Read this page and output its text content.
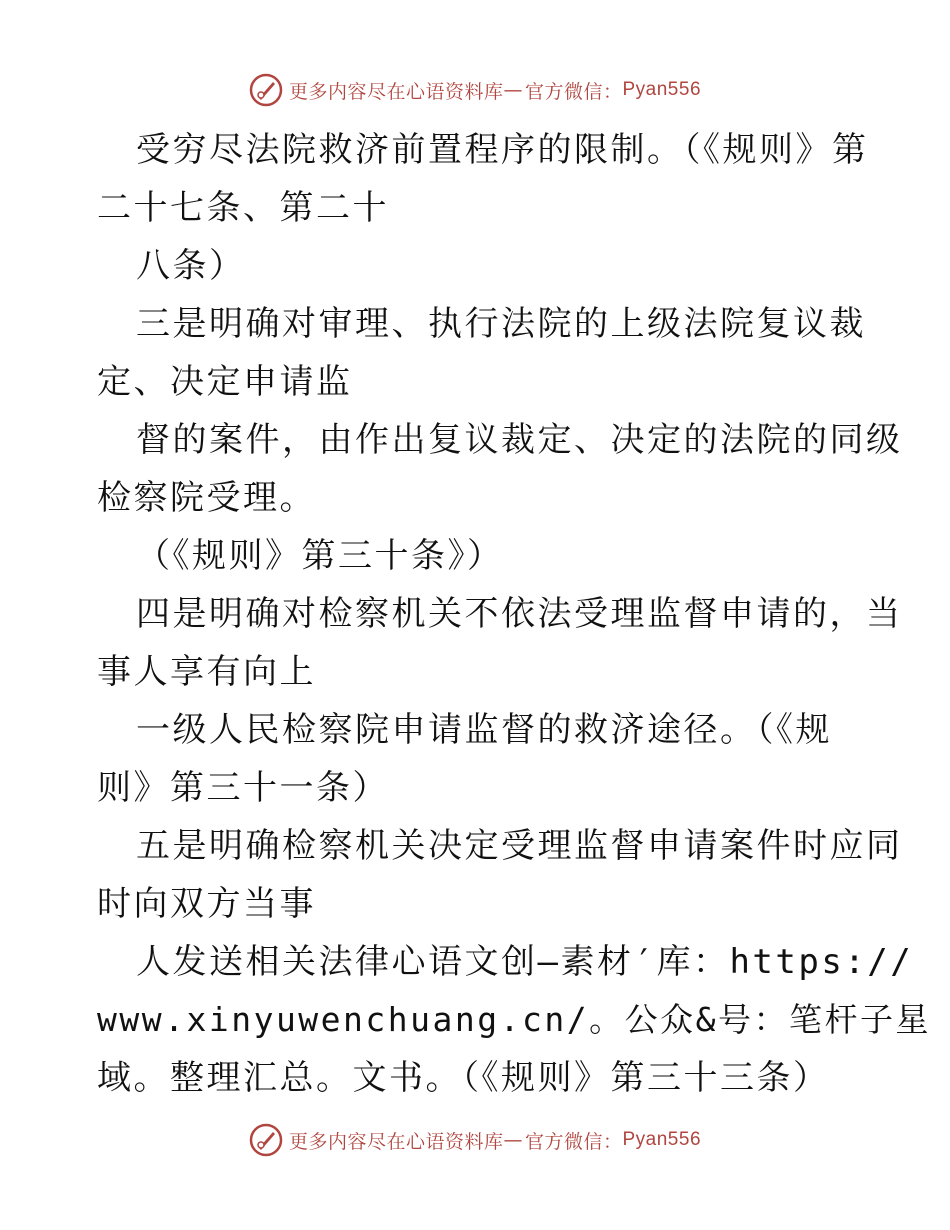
更多内容尽在心语资料库 — 官方微信： Pyan556
受穷尽法院救济前置程序的限制。（《规则》第
二十七条、第二十
八条）
三是明确对审理、执行法院的上级法院复议裁
定、决定申请监
督的案件，由作出复议裁定、决定的法院的同级
检察院受理。
（《规则》第三十条》）
四是明确对检察机关不依法受理监督申请的，当
事人享有向上
一级人民检察院申请监督的救济途径。（《规
则》第三十一条）
五是明确检察机关决定受理监督申请案件时应同
时向双方当事
人发送相关法律心语文创—素材′库：https://
www.xinyuwenchuang.cn/。公众&号：笔杆子星
域。整理汇总。文书。（《规则》第三十三条）
更多内容尽在心语资料库 — 官方微信： Pyan556
